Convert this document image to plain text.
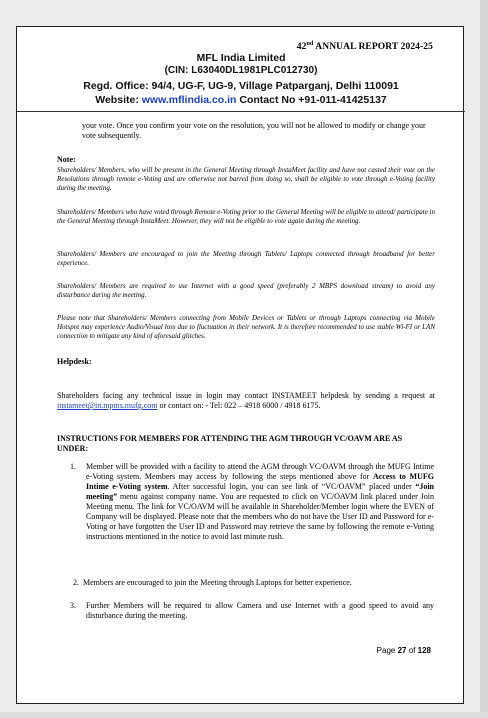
42nd ANNUAL REPORT 2024-25
MFL India Limited
(CIN: L63040DL1981PLC012730)
Regd. Office: 94/4, UG-F, UG-9, Village Patparganj, Delhi 110091
Website: www.mflindia.co.in Contact No +91-011-41425137
your vote. Once you confirm your vote on the resolution, you will not be allowed to modify or change your vote subsequently.
Note:
Shareholders/ Members, who will be present in the General Meeting through InstaMeet facility and have not casted their vote on the Resolutions through remote e-Voting and are otherwise not barred from doing so, shall be eligible to vote through e-Voting facility during the meeting.
Shareholders/ Members who have voted through Remote e-Voting prior to the General Meeting will be eligible to attend/ participate in the General Meeting through InstaMeet. However, they will not be eligible to vote again during the meeting.
Shareholders/ Members are encouraged to join the Meeting through Tablets/ Laptops connected through broadband for better experience.
Shareholders/ Members are required to use Internet with a good speed (preferably 2 MBPS download stream) to avoid any disturbance during the meeting.
Please note that Shareholders/ Members connecting from Mobile Devices or Tablets or through Laptops connecting via Mobile Hotspot may experience Audio/Visual loss due to fluctuation in their network. It is therefore recommended to use stable Wi-FI or LAN connection to mitigate any kind of aforesaid glitches.
Helpdesk:
Shareholders facing any technical issue in login may contact INSTAMEET helpdesk by sending a request at instameet@in.mpms.mufg.com or contact on: - Tel: 022 – 4918 6000 / 4918 6175.
INSTRUCTIONS FOR MEMBERS FOR ATTENDING THE AGM THROUGH VC/OAVM ARE AS UNDER:
1. Member will be provided with a facility to attend the AGM through VC/OAVM through the MUFG Intime e-Voting system. Members may access by following the steps mentioned above for Access to MUFG Intime e-Voting system. After successful login, you can see link of “VC/OAVM” placed under “Join meeting” menu against company name. You are requested to click on VC/OAVM link placed under Join Meeting menu. The link for VC/OAVM will be available in Shareholder/Member login where the EVEN of Company will be displayed. Please note that the members who do not have the User ID and Password for e-Voting or have forgotten the User ID and Password may retrieve the same by following the remote e-Voting instructions mentioned in the notice to avoid last minute rush.
2. Members are encouraged to join the Meeting through Laptops for better experience.
3. Further Members will be required to allow Camera and use Internet with a good speed to avoid any disturbance during the meeting.
Page 27 of 128
